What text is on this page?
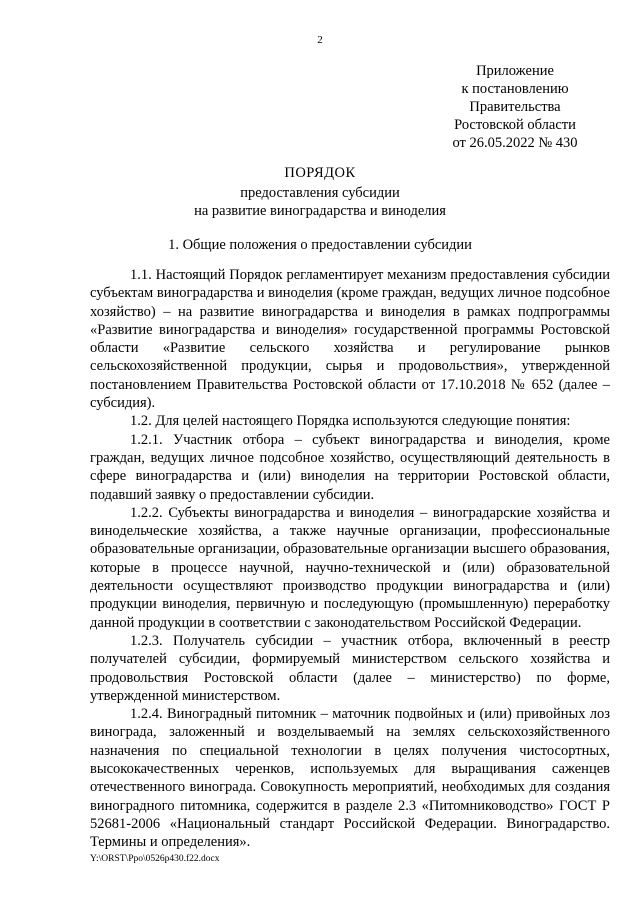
2
Приложение
к постановлению
Правительства
Ростовской области
от 26.05.2022 № 430
ПОРЯДОК
предоставления субсидии
на развитие виноградарства и виноделия
1. Общие положения о предоставлении субсидии

1.1. Настоящий Порядок регламентирует механизм предоставления субсидии субъектам виноградарства и виноделия (кроме граждан, ведущих личное подсобное хозяйство) – на развитие виноградарства и виноделия в рамках подпрограммы «Развитие виноградарства и виноделия» государственной программы Ростовской области «Развитие сельского хозяйства и регулирование рынков сельскохозяйственной продукции, сырья и продовольствия», утвержденной постановлением Правительства Ростовской области от 17.10.2018 № 652 (далее – субсидия).

1.2. Для целей настоящего Порядка используются следующие понятия:

1.2.1. Участник отбора – субъект виноградарства и виноделия, кроме граждан, ведущих личное подсобное хозяйство, осуществляющий деятельность в сфере виноградарства и (или) виноделия на территории Ростовской области, подавший заявку о предоставлении субсидии.

1.2.2. Субъекты виноградарства и виноделия – виноградарские хозяйства и винодельческие хозяйства, а также научные организации, профессиональные образовательные организации, образовательные организации высшего образования, которые в процессе научной, научно-технической и (или) образовательной деятельности осуществляют производство продукции виноградарства и (или) продукции виноделия, первичную и последующую (промышленную) переработку данной продукции в соответствии с законодательством Российской Федерации.

1.2.3. Получатель субсидии – участник отбора, включенный в реестр получателей субсидии, формируемый министерством сельского хозяйства и продовольствия Ростовской области (далее – министерство) по форме, утвержденной министерством.

1.2.4. Виноградный питомник – маточник подвойных и (или) привойных лоз винограда, заложенный и возделываемый на землях сельскохозяйственного назначения по специальной технологии в целях получения чистосортных, высококачественных черенков, используемых для выращивания саженцев отечественного винограда. Совокупность мероприятий, необходимых для создания виноградного питомника, содержится в разделе 2.3 «Питомниководство» ГОСТ Р 52681-2006 «Национальный стандарт Российской Федерации. Виноградарство. Термины и определения».

Y:\ORST\Ppo\0526p430.f22.docx
